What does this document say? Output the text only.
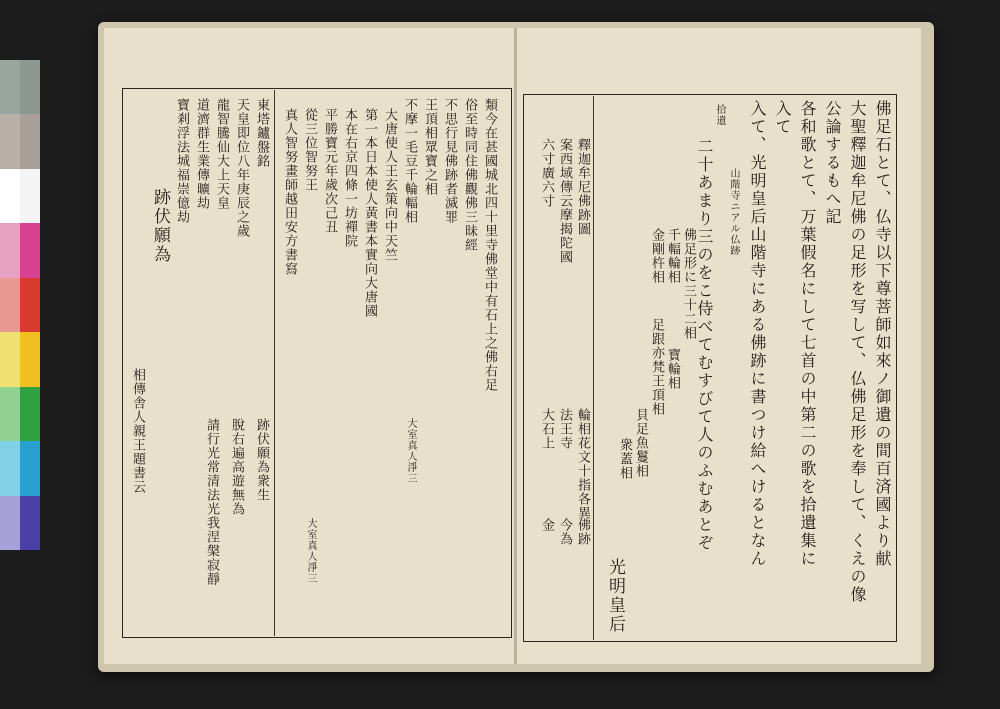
類今在甚國城北四十里寺佛堂中有石上之佛右足
俗至時同住佛觀佛三昧經
不思行見佛跡者滅罪
王頂相眾寶之相
不摩一毛豆千輪輻相
大唐使人王玄策向中天竺
第一本日本使人黃書本實向大唐國
本在右京四條一坊禪院
平勝寶元年歲次己丑
從三位智努王
真人智努畫師越田安方書寫
大室真人淨三
東塔鑪盤銘
天皇即位八年庚辰之歲
龍智騰仙大上天皇
道濟群生業傳曠劫
寶剎浮法城福崇億劫
跡伏願為
跡伏願為衆生
脫右遍高遊無為
請行光常清法光我涅槃寂靜
相傳舎人親王題書云
大室真人淨三	佛足石とて、仏寺以下尊菩師如來ノ御遺の間百済國より献
大聖釋迦牟尼佛の足形を写して、仏佛足形を奉して、くえの像
公論するもへ記
各和歌とて、万葉假名にして七首の中第二の歌を拾遺集に
入て
入て、光明皇后山階寺にある佛跡に書つけ給へけるとなん
山階寺ニアル仏跡
二十あまり三のをこ侍べてむすびて人のふむあとぞ
拾遺
佛足形に三十二相
千輻輪相
寶輪相
足跟亦梵王頂相
金剛杵相
貝足魚鬘相
衆蓋相
光明皇后
釋迦牟尼佛跡圖
案西域傳云摩揭陀國
六寸廣六寸
輪相花文十指各異
法王寺
大石上
佛跡
今為
金
